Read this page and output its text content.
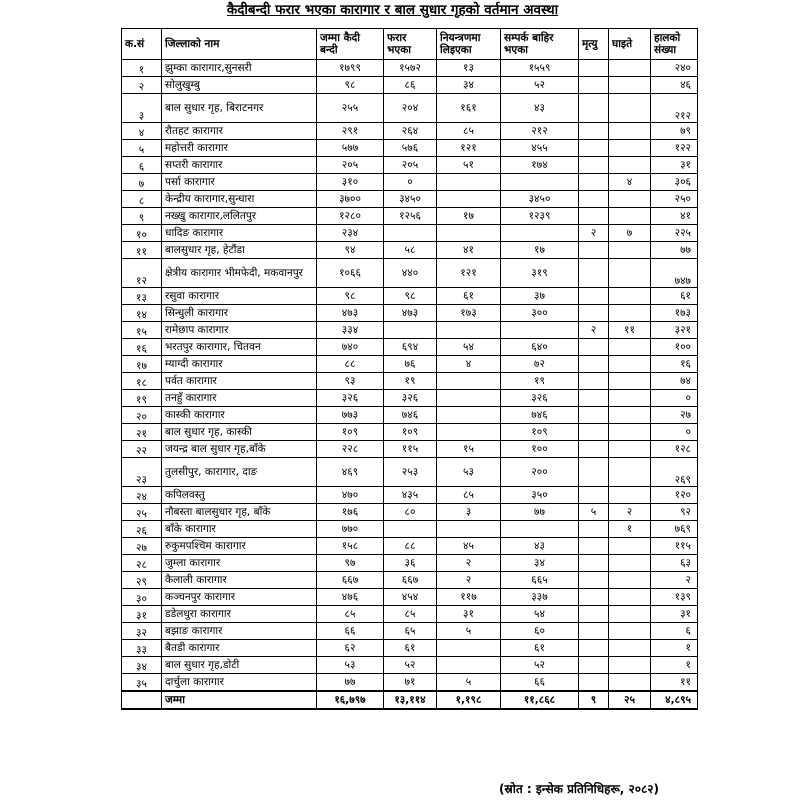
कैदीबन्दी फरार भएका कारागार र बाल सुधार गृहको वर्तमान अवस्था
क.सं	जिल्लाको नाम	जम्मा कैदी बन्दी	फरार भएका	नियन्त्रणमा लिइएका	सम्पर्क बाहिर भएका	मृत्यु	घाइते	हालको संख्या
१	झुम्का कारागार,सुनसरी	१७९९	१५७२	१३	१५५९			२४०
२	सोलुखुम्बु	९८	८६	३४	५२			४६
३	बाल सुधार गृह, बिराटनगर	२५५	२०४	१६१	४३			२१२
४	रौतहट कारागार	२९१	२६४	८५	२१२			७९
५	महोत्तरी कारागार	५७७	५७६	१२१	४५५			१२२
६	सप्तरी कारागार	२०५	२०५	५१	१७४			३१
७	पर्सा कारागार	३१०	०				४	३०६
८	केन्द्रीय कारागार,सुन्धारा	३७००	३४५०		३४५०			२५०
९	नख्खु कारागार,ललितपुर	१२८०	१२५६	१७	१२३९			४१
१०	धादिङ कारागार	२३४				२	७	२२५
११	बालसुधार गृह, हेटौंडा	९४	५८	४१	१७			७७
१२	क्षेत्रीय कारागार भीमफेदी, मकवानपुर	१०६६	४४०	१२१	३१९			७४७
१३	रसुवा कारागार	९८	९८	६१	३७			६१
१४	सिन्धुली कारागार	४७३	४७३	१७३	३००			१७३
१५	रामेछाप कारागार	३३४				२	११	३२१
१६	भरतपुर कारागार, चितवन	७४०	६९४	५४	६४०			१००
१७	म्याग्दी कारागार	८८	७६	४	७२			१६
१८	पर्वत कारागार	९३	१९		१९			७४
१९	तनहुँ कारागार	३२६	३२६		३२६			०
२०	कास्की कारागार	७७३	७४६		७४६			२७
२१	बाल सुधार गृह, कास्की	१०९	१०९		१०९			०
२२	जयन्द्र बाल सुधार गृह,बाँके	२२८	११५	१५	१००			१२८
२३	तुलसीपुर, कारागार, दाङ	४६९	२५३	५३	२००			२६९
२४	कपिलवस्तु	४७०	४३५	८५	३५०			१२०
२५	नौबस्ता बालसुधार गृह, बाँके	१७६	८०	३	७७	५	२	९२
२६	बाँके कारागार	७७०					१	७६९
२७	रुकुमपश्चिम कारागार	१५८	८८	४५	४३			११५
२८	जुम्ला कारागार	९७	३६	२	३४			६३
२९	कैलाली कारागार	६६७	६६७	२	६६५			२
३०	कञ्चनपुर कारागार	४७६	४५४	११७	३३७			१३९
३१	डडेलधुरा कारागार	८५	८५	३१	५४			३१
३२	बझाङ कारागार	६६	६५	५	६०			६
३३	बैतडी कारागार	६२	६१		६१			१
३४	बाल सुधार गृह,डोटी	५३	५२		५२			१
३५	दार्चुला कारागार	७७	७१	५	६६			११
	जम्मा	१६,७९७	१३,११४	१,१९८	११,८६८	९	२५	४,८९५
(स्रोत : इन्सेक प्रतिनिधिहरू, २०८२)
